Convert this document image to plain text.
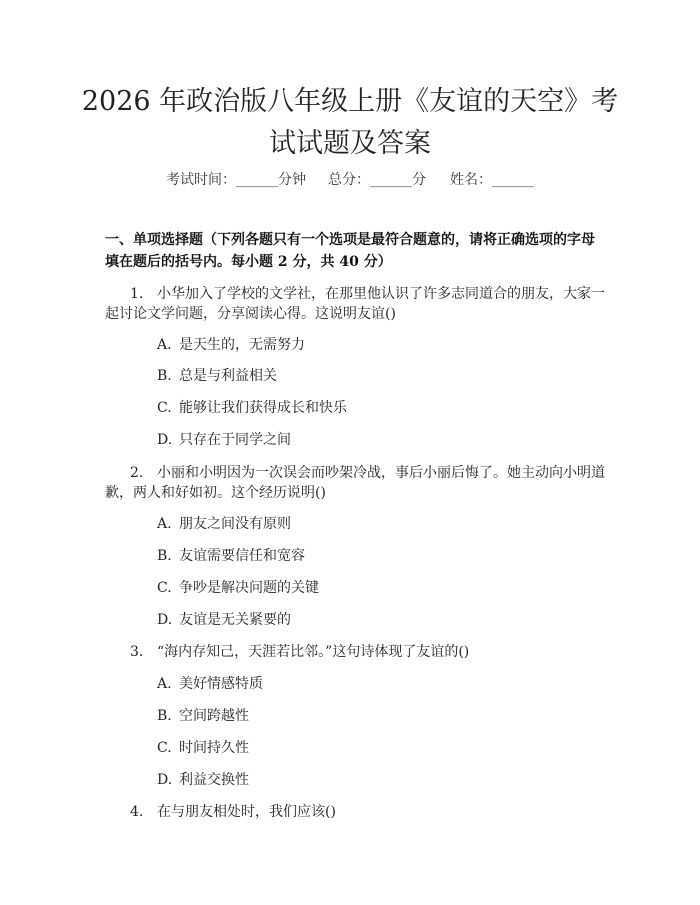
2026 年政治版八年级上册《友谊的天空》考
试试题及答案
考试时间：______分钟 总分：______分 姓名：______
一、单项选择题（下列各题只有一个选项是最符合题意的，请将正确选项的字母
填在题后的括号内。每小题 2 分，共 40 分）
1. 小华加入了学校的文学社，在那里他认识了许多志同道合的朋友，大家一
起讨论文学问题，分享阅读心得。这说明友谊()
A. 是天生的，无需努力
B. 总是与利益相关
C. 能够让我们获得成长和快乐
D. 只存在于同学之间
2. 小丽和小明因为一次误会而吵架冷战，事后小丽后悔了。她主动向小明道
歉，两人和好如初。这个经历说明()
A. 朋友之间没有原则
B. 友谊需要信任和宽容
C. 争吵是解决问题的关键
D. 友谊是无关紧要的
3. “海内存知己，天涯若比邻。”这句诗体现了友谊的()
A. 美好情感特质
B. 空间跨越性
C. 时间持久性
D. 利益交换性
4. 在与朋友相处时，我们应该()
